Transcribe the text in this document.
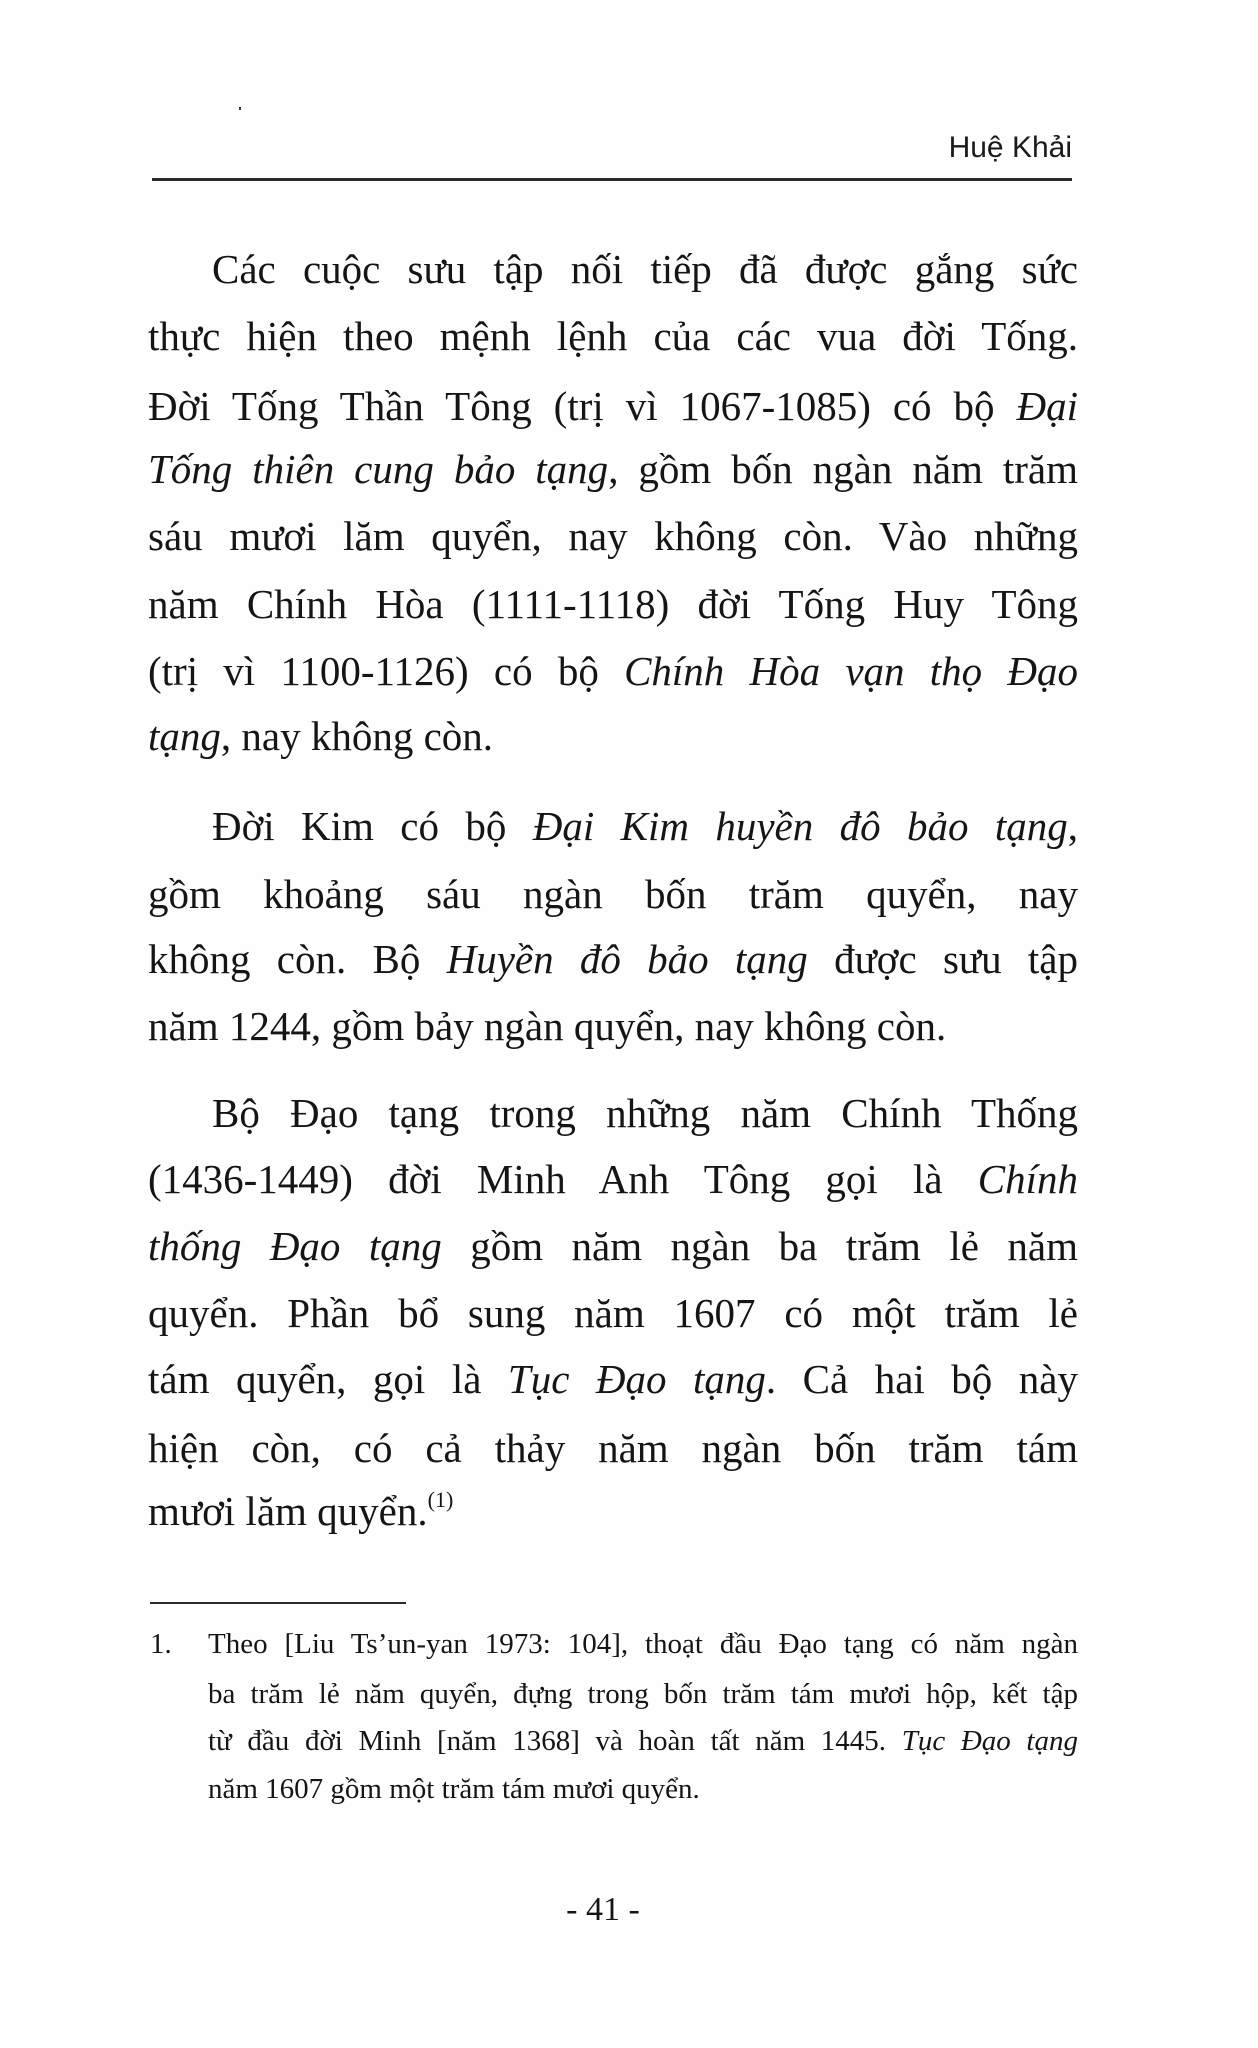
Huệ Khải
Các cuộc sưu tập nối tiếp đã được gắng sức
thực hiện theo mệnh lệnh của các vua đời Tống.
Đời Tống Thần Tông (trị vì 1067-1085) có bộ Đại
Tống thiên cung bảo tạng, gồm bốn ngàn năm trăm
sáu mươi lăm quyển, nay không còn. Vào những
năm Chính Hòa (1111-1118) đời Tống Huy Tông
(trị vì 1100-1126) có bộ Chính Hòa vạn thọ Đạo
tạng, nay không còn.
Đời Kim có bộ Đại Kim huyền đô bảo tạng,
gồm khoảng sáu ngàn bốn trăm quyển, nay
không còn. Bộ Huyền đô bảo tạng được sưu tập
năm 1244, gồm bảy ngàn quyển, nay không còn.
Bộ Đạo tạng trong những năm Chính Thống
(1436-1449) đời Minh Anh Tông gọi là Chính
thống Đạo tạng gồm năm ngàn ba trăm lẻ năm
quyển. Phần bổ sung năm 1607 có một trăm lẻ
tám quyển, gọi là Tục Đạo tạng. Cả hai bộ này
hiện còn, có cả thảy năm ngàn bốn trăm tám
mươi lăm quyển.$^{(1)}$
1. Theo [Liu Ts’un-yan 1973: 104], thoạt đầu Đạo tạng có năm ngàn
ba trăm lẻ năm quyển, đựng trong bốn trăm tám mươi hộp, kết tập
từ đầu đời Minh [năm 1368] và hoàn tất năm 1445. Tục Đạo tạng
năm 1607 gồm một trăm tám mươi quyển.
- 41 -
